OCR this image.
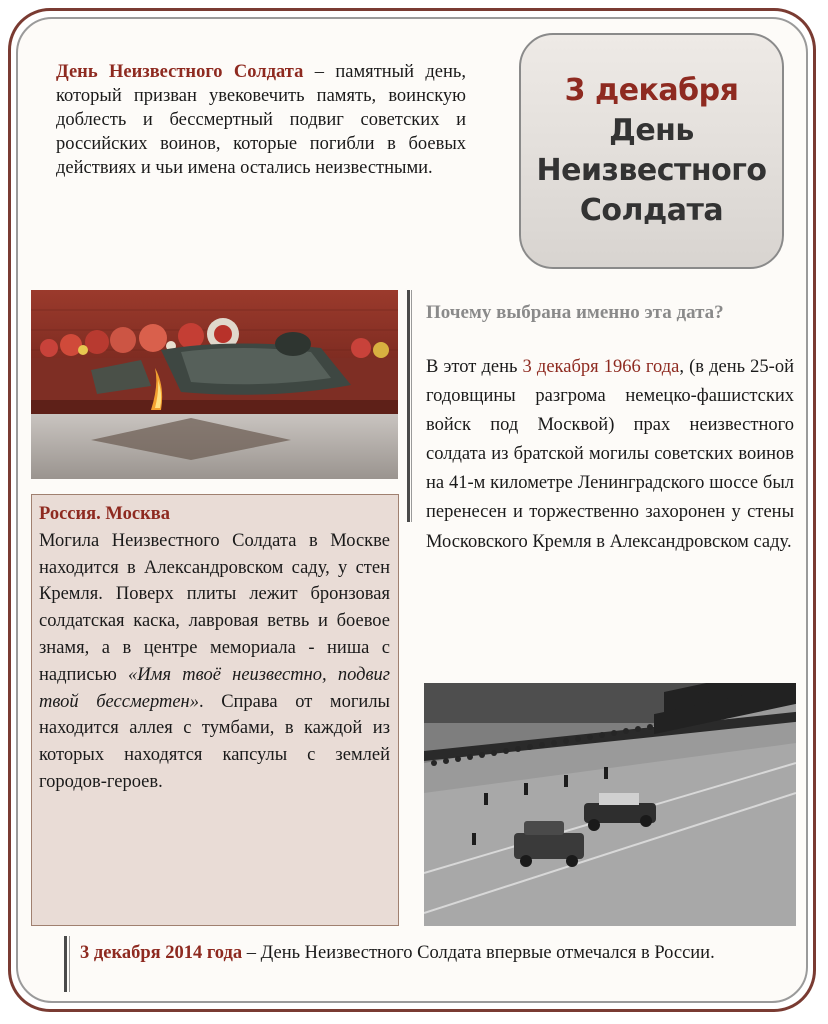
День Неизвестного Солдата – памятный день, который призван увековечить память, воинскую доблесть и бессмертный подвиг советских и российских воинов, которые погибли в боевых действиях и чьи имена остались неизвестными.
3 декабря
День
Неизвестного
Солдата
Россия. Москва
Могила Неизвестного Солдата в Москве находится в Александровском саду, у стен Кремля. Поверх плиты лежит бронзовая солдатская каска, лавровая ветвь и боевое знамя, а в центре мемориала - ниша с надписью «Имя твоё неизвестно, подвиг твой бессмертен». Справа от могилы находится аллея с тумбами, в каждой из которых находятся капсулы с землей городов-героев.
Почему выбрана именно эта дата?
В этот день 3 декабря 1966 года, (в день 25-ой годовщины разгрома немецко-фашистских войск под Москвой) прах неизвестного солдата из братской могилы советских воинов на 41-м километре Ленинградского шоссе был перенесен и торжественно захоронен у стены Московского Кремля в Александровском саду.
3 декабря 2014 года – День Неизвестного Солдата впервые отмечался в России.
